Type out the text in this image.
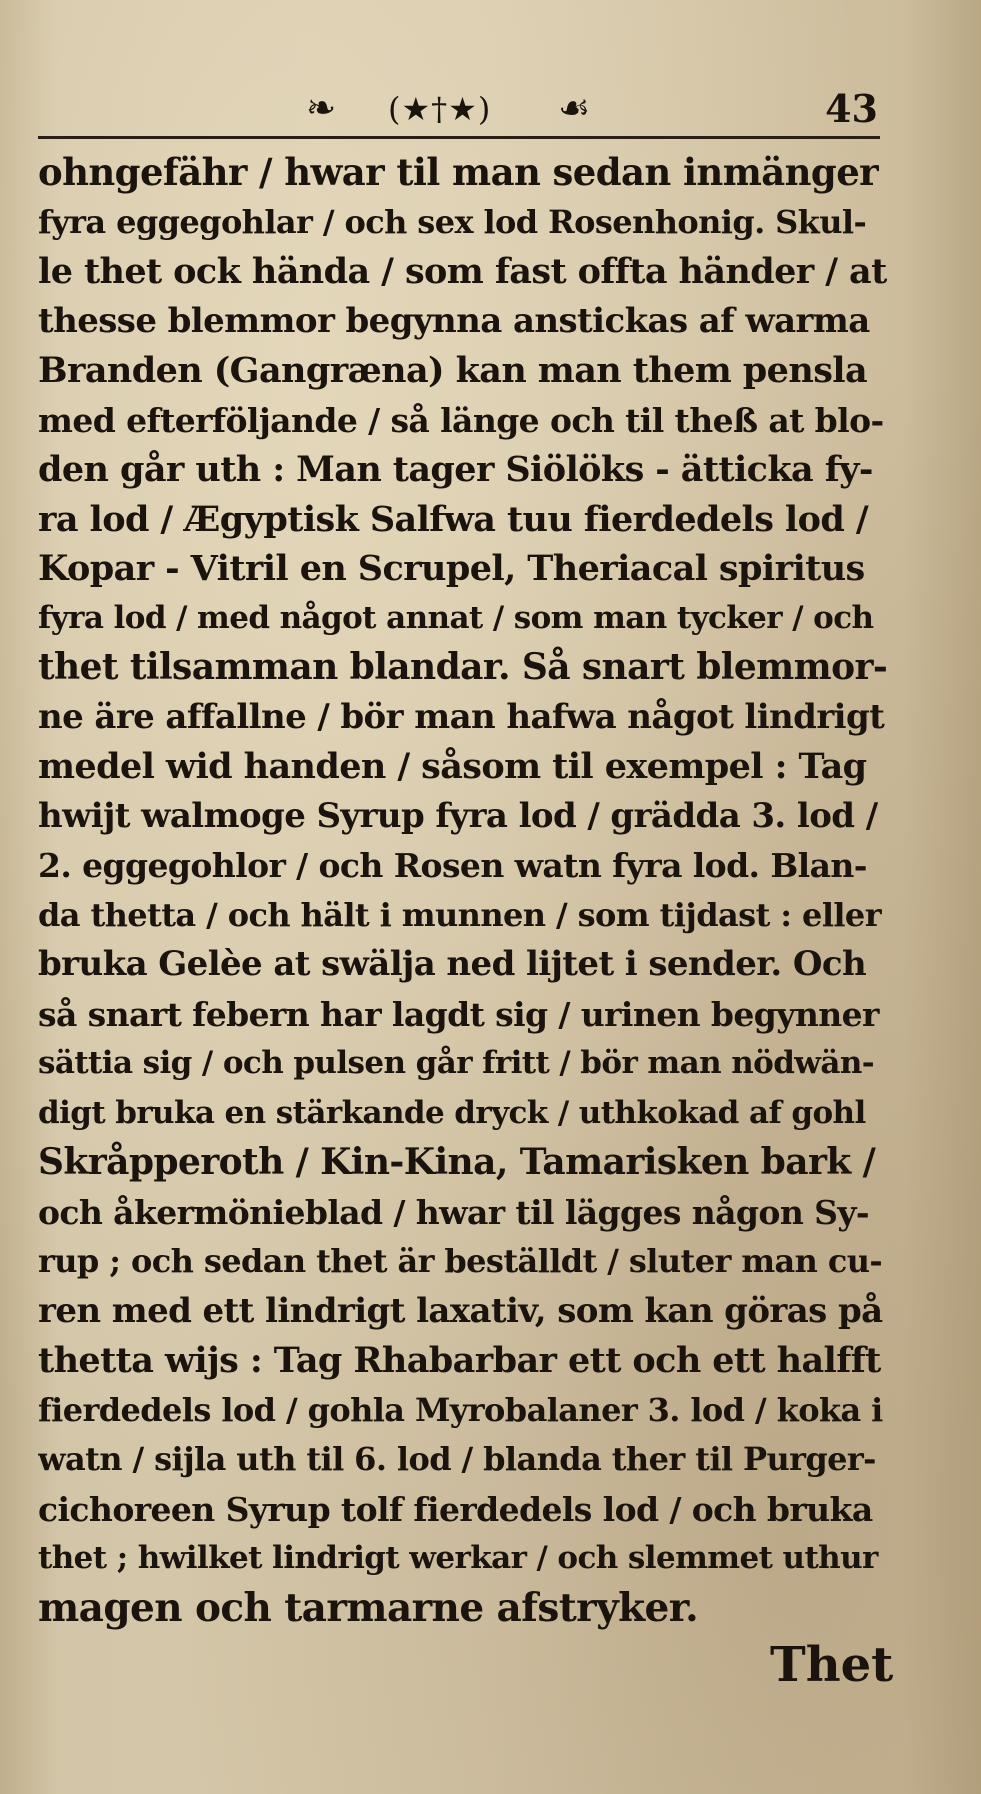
❧ (★†★) ☙	43
ohngefähr / hwar til man sedan inmänger
fyra eggegohlar / och sex lod Rosenhonig. Skul-
le thet ock hända / som fast offta händer / at
thesse blemmor begynna anstickas af warma
Branden (Gangræna) kan man them pensla
med efterföljande / så länge och til theß at blo-
den går uth : Man tager Siölöks - ätticka fy-
ra lod / Ægyptisk Salfwa tuu fierdedels lod /
Kopar - Vitril en Scrupel, Theriacal spiritus
fyra lod / med något annat / som man tycker / och
thet tilsamman blandar. Så snart blemmor-
ne äre affallne / bör man hafwa något lindrigt
medel wid handen / såsom til exempel : Tag
hwijt walmoge Syrup fyra lod / grädda 3. lod /
2. eggegohlor / och Rosen watn fyra lod. Blan-
da thetta / och hält i munnen / som tijdast : eller
bruka Gelèe at swälja ned lijtet i sender. Och
så snart febern har lagdt sig / urinen begynner
sättia sig / och pulsen går fritt / bör man nödwän-
digt bruka en stärkande dryck / uthkokad af gohl
Skråpperoth / Kin-Kina, Tamarisken bark /
och åkermönieblad / hwar til lägges någon Sy-
rup ; och sedan thet är beställdt / sluter man cu-
ren med ett lindrigt laxativ, som kan göras på
thetta wijs : Tag Rhabarbar ett och ett halfft
fierdedels lod / gohla Myrobalaner 3. lod / koka i
watn / sijla uth til 6. lod / blanda ther til Purger-
cichoreen Syrup tolf fierdedels lod / och bruka
thet ; hwilket lindrigt werkar / och slemmet uthur
magen och tarmarne afstryker.
Thet
